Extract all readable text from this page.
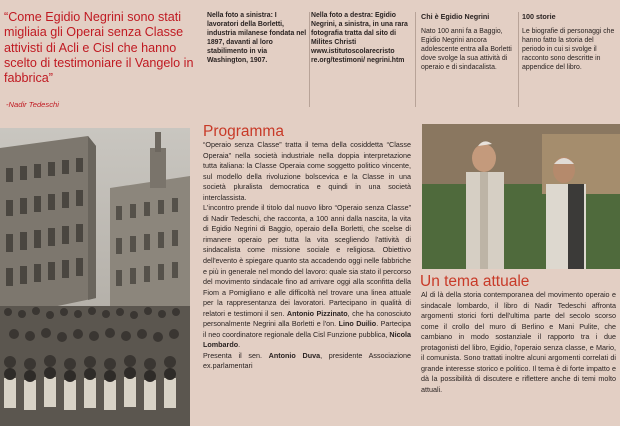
“Come Egidio Negrini sono stati migliaia gli Operai senza Classe attivisti di Acli e Cisl che hanno scelto di testimoniare il Vangelo in fabbrica”
-Nadir Tedeschi
Nella foto a sinistra: I lavoratori della Borletti, industria milanese fondata nel 1897, davanti al loro stabilimento in via Washington, 1907.
Nella foto a destra: Egidio Negrini, a sinistra, in una rara fotografia tratta dal sito di Milites Christi www.istitutoscolarecristo re.org/testimoni/ negrini.htm
Chi è Egidio Negrini
Nato 100 anni fa a Baggio, Egidio Negrini ancora adolescente entra alla Borletti dove svolge la sua attività di operaio e di sindacalista.
100 storie
Le biografie di personaggi che hanno fatto la storia del periodo in cui si svolge il racconto sono descritte in appendice del libro.
Programma
“Operaio senza Classe” tratta il tema della cosiddetta “Classe Operaia” nella società industriale nella doppia interpretazione tutta italiana: la Classe Operaia come soggetto politico vincente, sul modello della rivoluzione bolscevica e la Classe in una società pluralista democratica e quindi in una società interclassista.
L'incontro prende il titolo dal nuovo libro “Operaio senza Classe” di Nadir Tedeschi, che racconta, a 100 anni dalla nascita, la vita di Egidio Negrini di Baggio, operaio della Borletti, che scelse di rimanere operaio per tutta la vita scegliendo l'attività di sindacalista come missione sociale e religiosa. Obiettivo dell'evento è spiegare quanto sta accadendo oggi nelle fabbriche e più in generale nel mondo del lavoro: quale sia stato il percorso del movimento sindacale fino ad arrivare oggi alla sconfitta della Fiom a Pomigliano e alle difficoltà nel trovare una linea attuale per la rappresentanza dei lavoratori. Partecipano in qualità di relatori e testimoni il sen. Antonio Pizzinato, che ha conosciuto personalmente Negrini alla Borletti e l'on. Lino Duilio. Partecipa il neo coordinatore regionale della Cisl Funzione pubblica, Nicola Lombardo.
Presenta il sen. Antonio Duva, presidente Associazione ex.parlamentari
Un tema attuale
Al di là della storia contemporanea del movimento operaio e sindacale lombardo, il libro di Nadir Tedeschi affronta argomenti storici forti dell'ultima parte del secolo scorso come il crollo del muro di Berlino e Mani Pulite, che cambiano in modo sostanziale il rapporto tra i due protagonisti del libro, Egidio, l'operaio senza classe, e Mario, il comunista. Sono trattati inoltre alcuni argomenti correlati di grande interesse storico e politico. Il tema è di forte impatto e dà la possibilità di discutere e riflettere anche di temi molto attuali.
